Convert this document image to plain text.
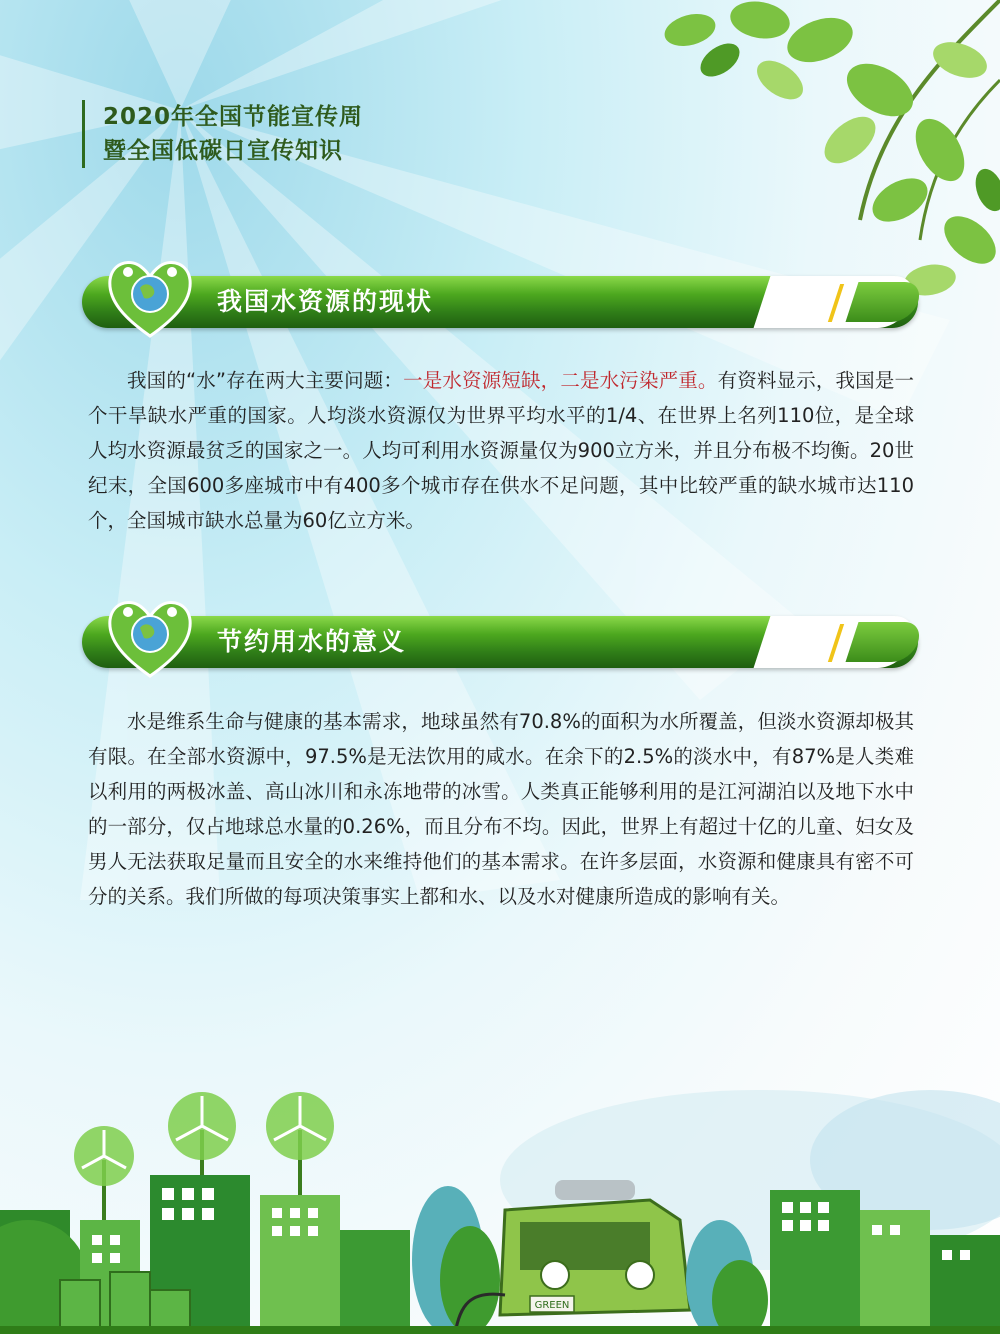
2020年全国节能宣传周
暨全国低碳日宣传知识
我国水资源的现状

我国的“水”存在两大主要问题：一是水资源短缺，二是水污染严重。有资料显示，我国是一个干旱缺水严重的国家。人均淡水资源仅为世界平均水平的1/4、在世界上名列110位，是全球人均水资源最贫乏的国家之一。人均可利用水资源量仅为900立方米，并且分布极不均衡。20世纪末，全国600多座城市中有400多个城市存在供水不足问题，其中比较严重的缺水城市达110个，全国城市缺水总量为60亿立方米。

节约用水的意义

水是维系生命与健康的基本需求，地球虽然有70.8%的面积为水所覆盖，但淡水资源却极其有限。在全部水资源中，97.5%是无法饮用的咸水。在余下的2.5%的淡水中，有87%是人类难以利用的两极冰盖、高山冰川和永冻地带的冰雪。人类真正能够利用的是江河湖泊以及地下水中的一部分，仅占地球总水量的0.26%，而且分布不均。因此，世界上有超过十亿的儿童、妇女及男人无法获取足量而且安全的水来维持他们的基本需求。在许多层面，水资源和健康具有密不可分的关系。我们所做的每项决策事实上都和水、以及水对健康所造成的影响有关。

GREEN
